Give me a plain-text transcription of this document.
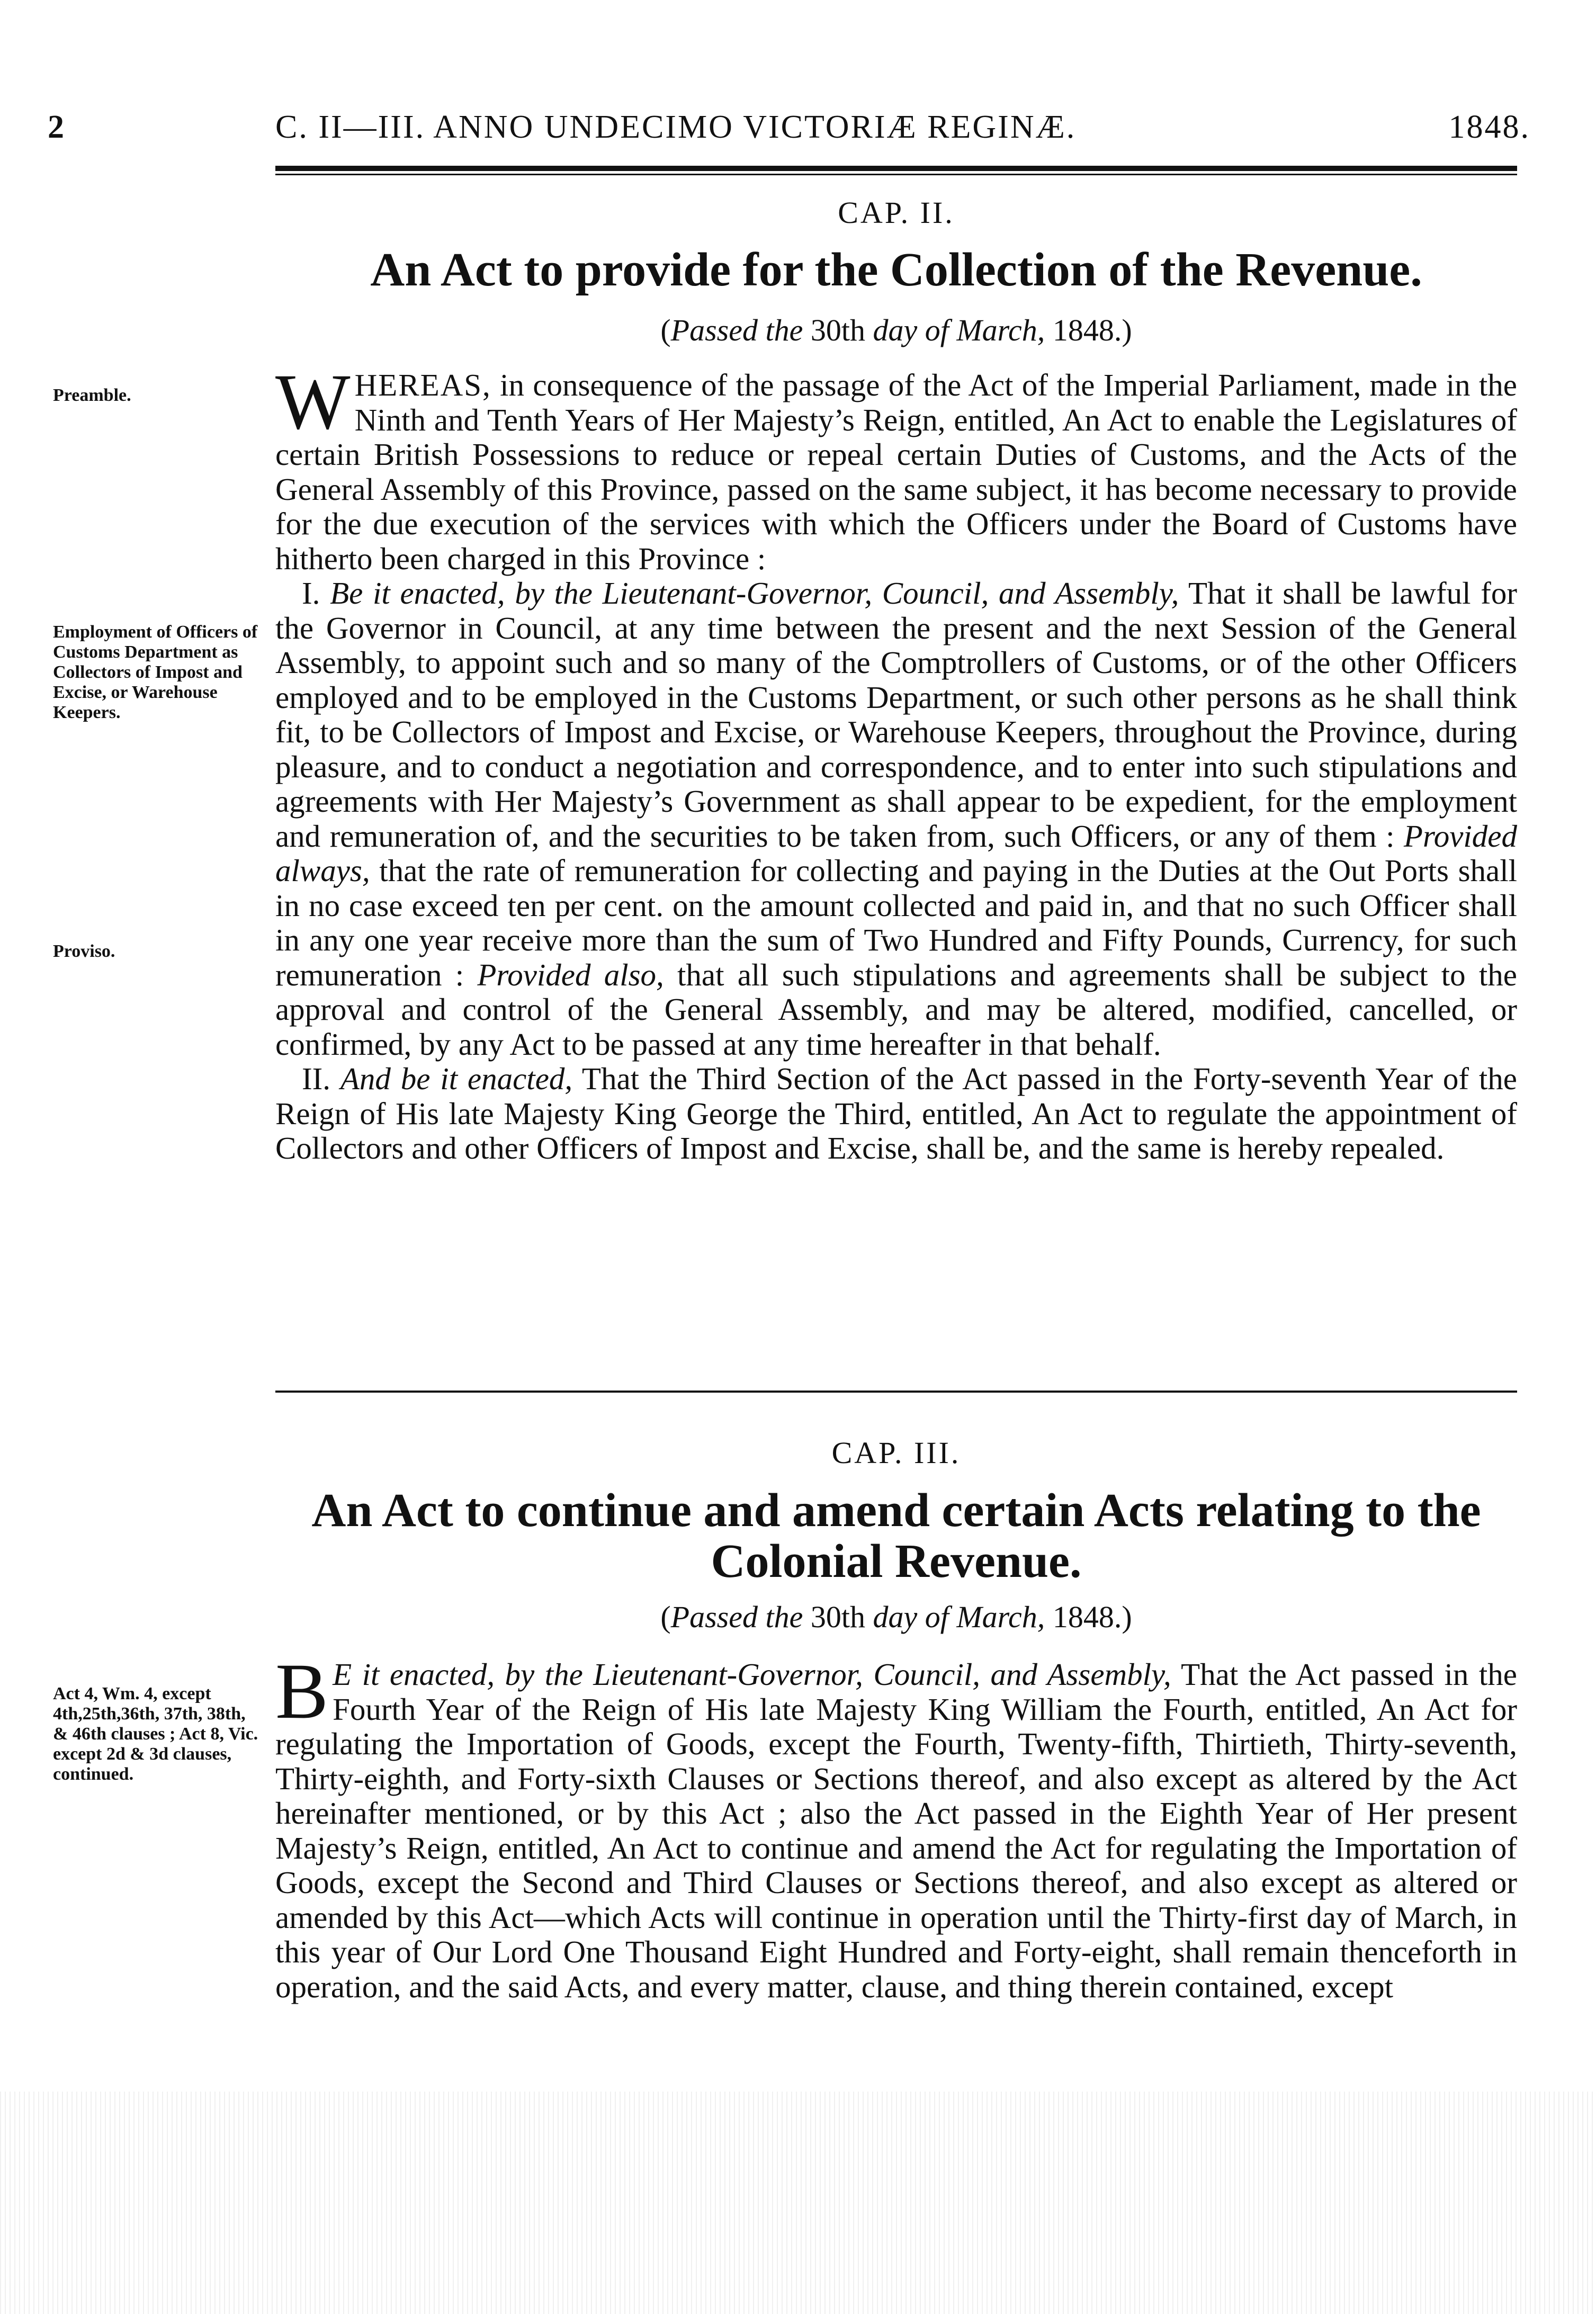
2	C. II—III. ANNO UNDECIMO VICTORIÆ REGINÆ.	1848.
CAP. II.
An Act to provide for the Collection of the Revenue.
(Passed the 30th day of March, 1848.)

WHEREAS, in consequence of the passage of the Act of the Imperial Parliament, made in the Ninth and Tenth Years of Her Majesty’s Reign, entitled, An Act to enable the Legislatures of certain British Possessions to reduce or repeal certain Duties of Customs, and the Acts of the General Assembly of this Province, passed on the same subject, it has become necessary to provide for the due execution of the services with which the Officers under the Board of Customs have hitherto been charged in this Province :

I. Be it enacted, by the Lieutenant-Governor, Council, and Assembly, That it shall be lawful for the Governor in Council, at any time between the present and the next Session of the General Assembly, to appoint such and so many of the Comptrollers of Customs, or of the other Officers employed and to be employed in the Customs Department, or such other persons as he shall think fit, to be Collectors of Impost and Excise, or Warehouse Keepers, throughout the Province, during pleasure, and to conduct a negotiation and correspondence, and to enter into such stipulations and agreements with Her Majesty’s Government as shall appear to be expedient, for the employment and remuneration of, and the securities to be taken from, such Officers, or any of them : Provided always, that the rate of remuneration for collecting and paying in the Duties at the Out Ports shall in no case exceed ten per cent. on the amount collected and paid in, and that no such Officer shall in any one year receive more than the sum of Two Hundred and Fifty Pounds, Currency, for such remuneration : Provided also, that all such stipulations and agreements shall be subject to the approval and control of the General Assembly, and may be altered, modified, cancelled, or confirmed, by any Act to be passed at any time hereafter in that behalf.

II. And be it enacted, That the Third Section of the Act passed in the Forty-seventh Year of the Reign of His late Majesty King George the Third, entitled, An Act to regulate the appointment of Collectors and other Officers of Impost and Excise, shall be, and the same is hereby repealed.

Preamble.
Employment of Officers of Customs Department as Collectors of Impost and Excise, or Warehouse Keepers.
Proviso.
CAP. III.
An Act to continue and amend certain Acts relating to the Colonial Revenue.
(Passed the 30th day of March, 1848.)

B E it enacted, by the Lieutenant-Governor, Council, and Assembly, That the Act passed in the Fourth Year of the Reign of His late Majesty King William the Fourth, entitled, An Act for regulating the Importation of Goods, except the Fourth, Twenty-fifth, Thirtieth, Thirty-seventh, Thirty-eighth, and Forty-sixth Clauses or Sections thereof, and also except as altered by the Act hereinafter mentioned, or by this Act ; also the Act passed in the Eighth Year of Her present Majesty’s Reign, entitled, An Act to continue and amend the Act for regulating the Importation of Goods, except the Second and Third Clauses or Sections thereof, and also except as altered or amended by this Act—which Acts will continue in operation until the Thirty-first day of March, in this year of Our Lord One Thousand Eight Hundred and Forty-eight, shall remain thenceforth in operation, and the said Acts, and every matter, clause, and thing therein contained, except

Act 4, Wm. 4, except 4th,25th,36th, 37th, 38th, & 46th clauses ; Act 8, Vic. except 2d & 3d clauses, continued.
